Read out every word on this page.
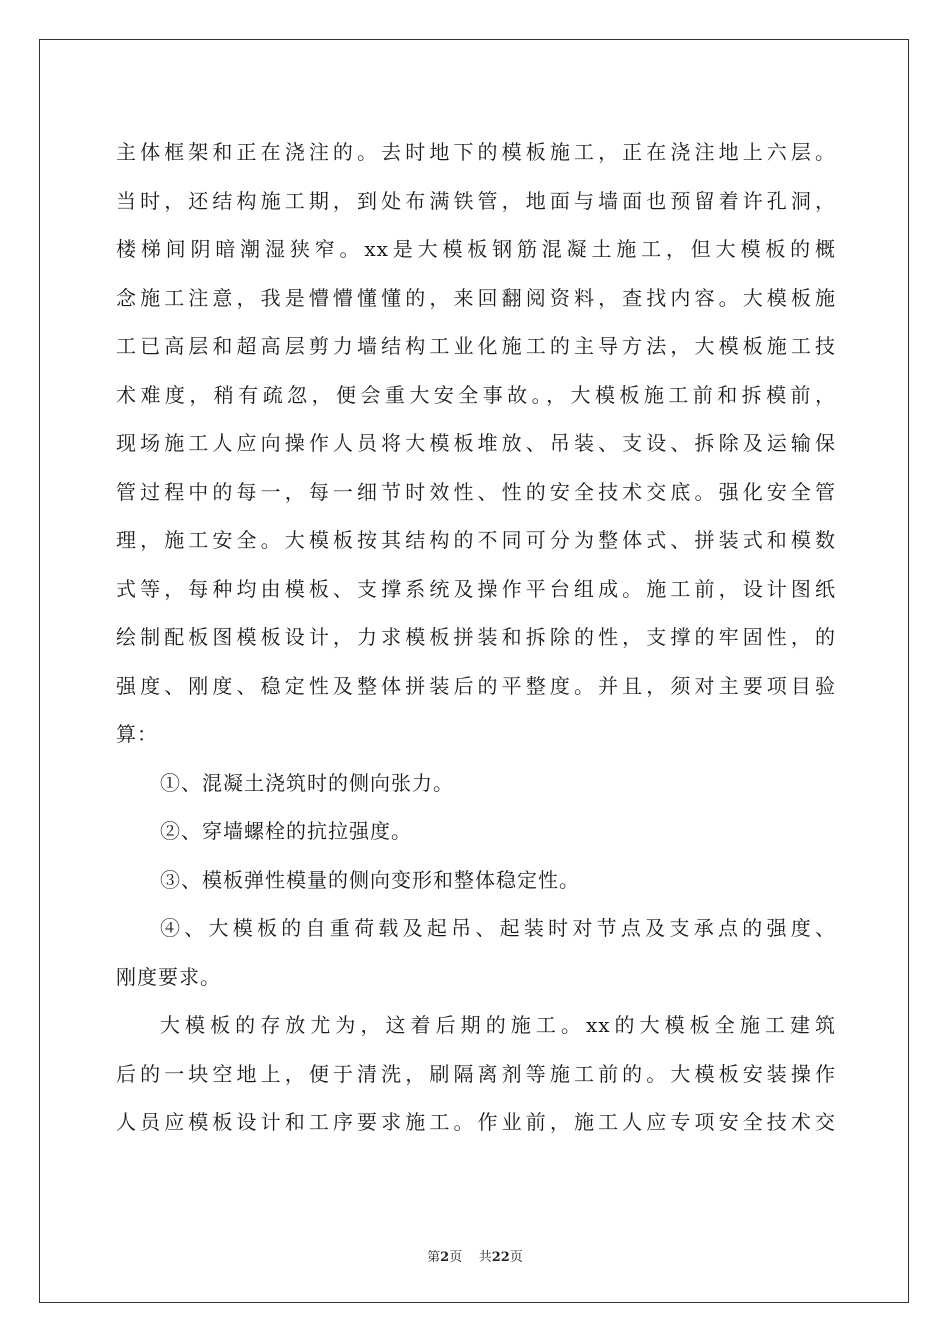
主体框架和正在浇注的。去时地下的模板施工，正在浇注地上六层。
当时，还结构施工期，到处布满铁管，地面与墙面也预留着许孔洞，
楼梯间阴暗潮湿狭窄。xx是大模板钢筋混凝土施工，但大模板的概
念施工注意，我是懵懵懂懂的，来回翻阅资料，查找内容。大模板施
工已高层和超高层剪力墙结构工业化施工的主导方法，大模板施工技
术难度，稍有疏忽，便会重大安全事故。，大模板施工前和拆模前，
现场施工人应向操作人员将大模板堆放、吊装、支设、拆除及运输保
管过程中的每一，每一细节时效性、性的安全技术交底。强化安全管
理，施工安全。大模板按其结构的不同可分为整体式、拼装式和模数
式等，每种均由模板、支撑系统及操作平台组成。施工前，设计图纸
绘制配板图模板设计，力求模板拼装和拆除的性，支撑的牢固性，的
强度、刚度、稳定性及整体拼装后的平整度。并且，须对主要项目验
算：
①、混凝土浇筑时的侧向张力。
②、穿墙螺栓的抗拉强度。
③、模板弹性模量的侧向变形和整体稳定性。
④、大模板的自重荷载及起吊、起装时对节点及支承点的强度、
刚度要求。
大模板的存放尤为，这着后期的施工。xx的大模板全施工建筑
后的一块空地上，便于清洗，刷隔离剂等施工前的。大模板安装操作
人员应模板设计和工序要求施工。作业前，施工人应专项安全技术交
第2页    共22页
